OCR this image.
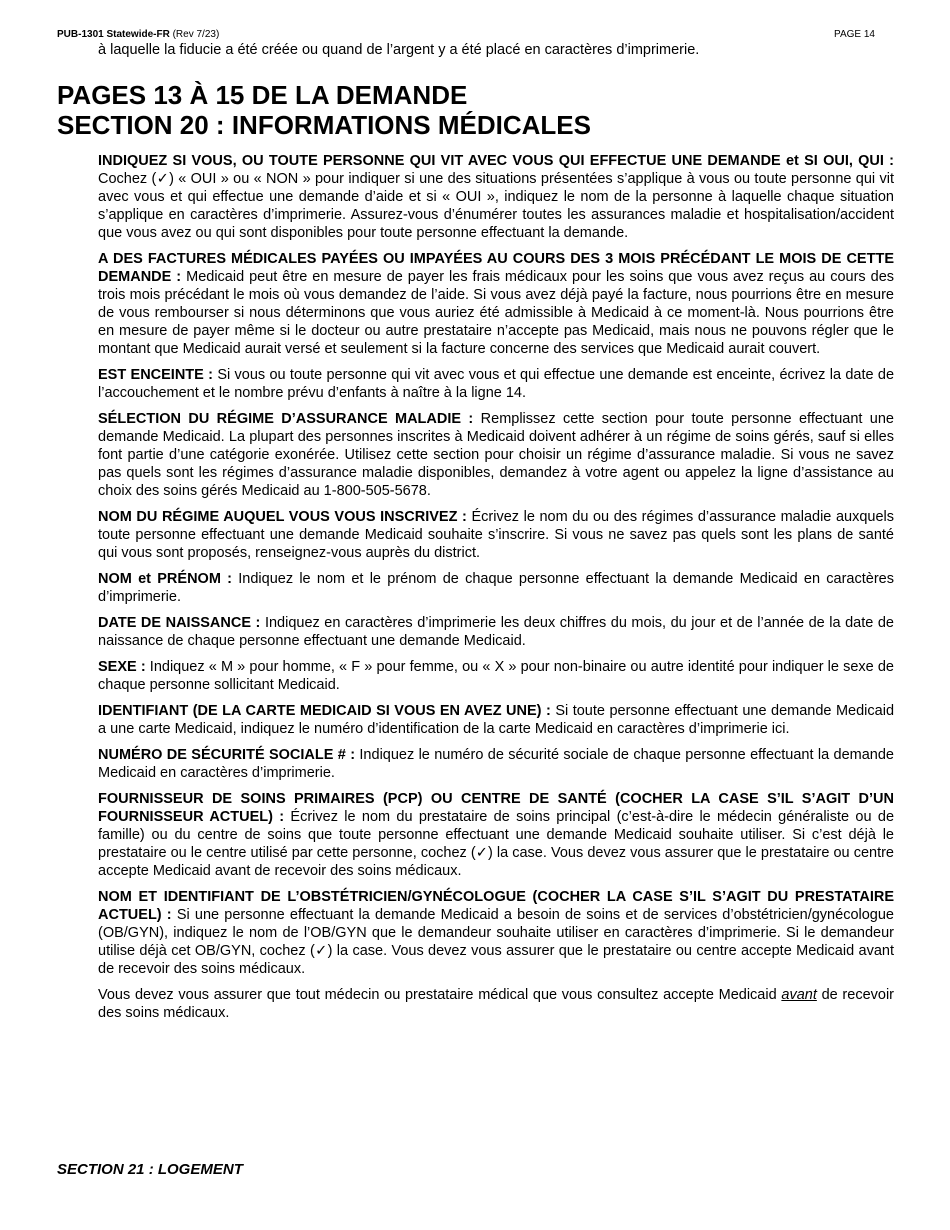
PUB-1301 Statewide-FR (Rev 7/23)	PAGE 14
à laquelle la fiducie a été créée ou quand de l’argent y a été placé en caractères d’imprimerie.
PAGES 13 À 15 DE LA DEMANDE
SECTION 20 : INFORMATIONS MÉDICALES

INDIQUEZ SI VOUS, OU TOUTE PERSONNE QUI VIT AVEC VOUS QUI EFFECTUE UNE DEMANDE et SI OUI, QUI : Cochez (✓) « OUI » ou « NON » pour indiquer si une des situations présentées s’applique à vous ou toute personne qui vit avec vous et qui effectue une demande d’aide et si « OUI », indiquez le nom de la personne à laquelle chaque situation s’applique en caractères d’imprimerie. Assurez-vous d’énumérer toutes les assurances maladie et hospitalisation/accident que vous avez ou qui sont disponibles pour toute personne effectuant la demande.

A DES FACTURES MÉDICALES PAYÉES OU IMPAYÉES AU COURS DES 3 MOIS PRÉCÉDANT LE MOIS DE CETTE DEMANDE : Medicaid peut être en mesure de payer les frais médicaux pour les soins que vous avez reçus au cours des trois mois précédant le mois où vous demandez de l’aide. Si vous avez déjà payé la facture, nous pourrions être en mesure de vous rembourser si nous déterminons que vous auriez été admissible à Medicaid à ce moment-là. Nous pourrions être en mesure de payer même si le docteur ou autre prestataire n’accepte pas Medicaid, mais nous ne pouvons régler que le montant que Medicaid aurait versé et seulement si la facture concerne des services que Medicaid aurait couvert.

EST ENCEINTE : Si vous ou toute personne qui vit avec vous et qui effectue une demande est enceinte, écrivez la date de l’accouchement et le nombre prévu d’enfants à naître à la ligne 14.

SÉLECTION DU RÉGIME D’ASSURANCE MALADIE : Remplissez cette section pour toute personne effectuant une demande Medicaid. La plupart des personnes inscrites à Medicaid doivent adhérer à un régime de soins gérés, sauf si elles font partie d’une catégorie exonérée. Utilisez cette section pour choisir un régime d’assurance maladie. Si vous ne savez pas quels sont les régimes d’assurance maladie disponibles, demandez à votre agent ou appelez la ligne d’assistance au choix des soins gérés Medicaid au 1-800-505-5678.

NOM DU RÉGIME AUQUEL VOUS VOUS INSCRIVEZ : Écrivez le nom du ou des régimes d’assurance maladie auxquels toute personne effectuant une demande Medicaid souhaite s’inscrire. Si vous ne savez pas quels sont les plans de santé qui vous sont proposés, renseignez-vous auprès du district.

NOM et PRÉNOM : Indiquez le nom et le prénom de chaque personne effectuant la demande Medicaid en caractères d’imprimerie.

DATE DE NAISSANCE : Indiquez en caractères d’imprimerie les deux chiffres du mois, du jour et de l’année de la date de naissance de chaque personne effectuant une demande Medicaid.

SEXE : Indiquez « M » pour homme, « F » pour femme, ou « X » pour non-binaire ou autre identité pour indiquer le sexe de chaque personne sollicitant Medicaid.

IDENTIFIANT (DE LA CARTE MEDICAID SI VOUS EN AVEZ UNE) : Si toute personne effectuant une demande Medicaid a une carte Medicaid, indiquez le numéro d’identification de la carte Medicaid en caractères d’imprimerie ici.

NUMÉRO DE SÉCURITÉ SOCIALE # : Indiquez le numéro de sécurité sociale de chaque personne effectuant la demande Medicaid en caractères d’imprimerie.

FOURNISSEUR DE SOINS PRIMAIRES (PCP) OU CENTRE DE SANTÉ (COCHER LA CASE S’IL S’AGIT D’UN FOURNISSEUR ACTUEL) : Écrivez le nom du prestataire de soins principal (c’est-à-dire le médecin généraliste ou de famille) ou du centre de soins que toute personne effectuant une demande Medicaid souhaite utiliser. Si c’est déjà le prestataire ou le centre utilisé par cette personne, cochez (✓) la case. Vous devez vous assurer que le prestataire ou centre accepte Medicaid avant de recevoir des soins médicaux.

NOM ET IDENTIFIANT DE L’OBSTÉTRICIEN/GYNÉCOLOGUE (COCHER LA CASE S’IL S’AGIT DU PRESTATAIRE ACTUEL) : Si une personne effectuant la demande Medicaid a besoin de soins et de services d’obstétricien/gynécologue (OB/GYN), indiquez le nom de l’OB/GYN que le demandeur souhaite utiliser en caractères d’imprimerie. Si le demandeur utilise déjà cet OB/GYN, cochez (✓) la case. Vous devez vous assurer que le prestataire ou centre accepte Medicaid avant de recevoir des soins médicaux.

Vous devez vous assurer que tout médecin ou prestataire médical que vous consultez accepte Medicaid avant de recevoir des soins médicaux.

SECTION 21 : LOGEMENT
